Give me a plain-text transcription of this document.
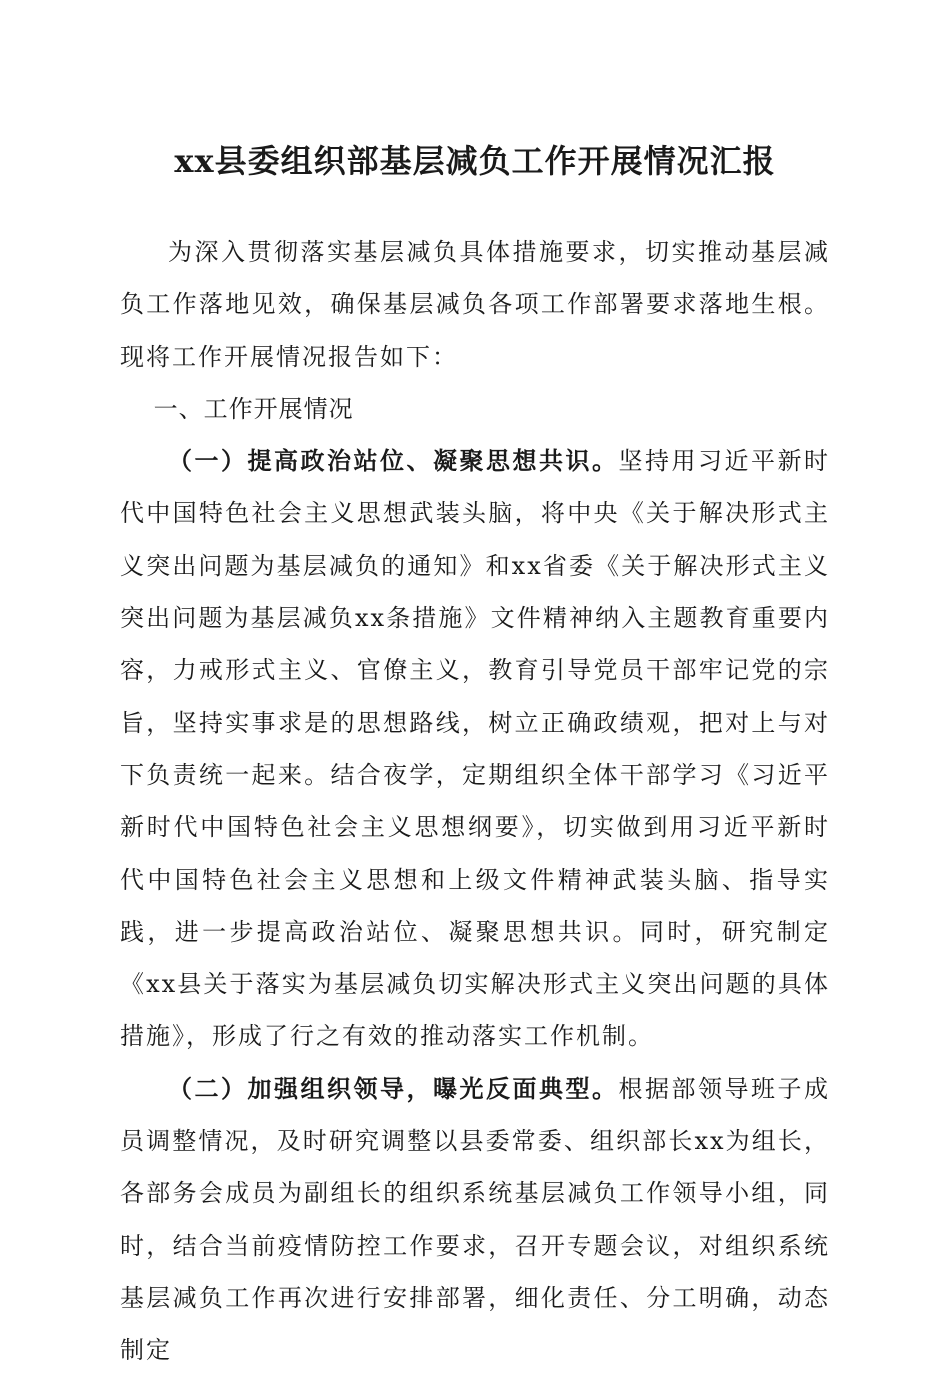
xx县委组织部基层减负工作开展情况汇报

为深入贯彻落实基层减负具体措施要求，切实推动基层减负工作落地见效，确保基层减负各项工作部署要求落地生根。现将工作开展情况报告如下：

一、工作开展情况

（一）提高政治站位、凝聚思想共识。坚持用习近平新时代中国特色社会主义思想武装头脑，将中央《关于解决形式主义突出问题为基层减负的通知》和xx省委《关于解决形式主义突出问题为基层减负xx条措施》文件精神纳入主题教育重要内容，力戒形式主义、官僚主义，教育引导党员干部牢记党的宗旨，坚持实事求是的思想路线，树立正确政绩观，把对上与对下负责统一起来。结合夜学，定期组织全体干部学习《习近平新时代中国特色社会主义思想纲要》，切实做到用习近平新时代中国特色社会主义思想和上级文件精神武装头脑、指导实践，进一步提高政治站位、凝聚思想共识。同时，研究制定《xx县关于落实为基层减负切实解决形式主义突出问题的具体措施》，形成了行之有效的推动落实工作机制。

（二）加强组织领导，曝光反面典型。根据部领导班子成员调整情况，及时研究调整以县委常委、组织部长xx为组长，各部务会成员为副组长的组织系统基层减负工作领导小组，同时，结合当前疫情防控工作要求，召开专题会议，对组织系统基层减负工作再次进行安排部署，细化责任、分工明确，动态制定
